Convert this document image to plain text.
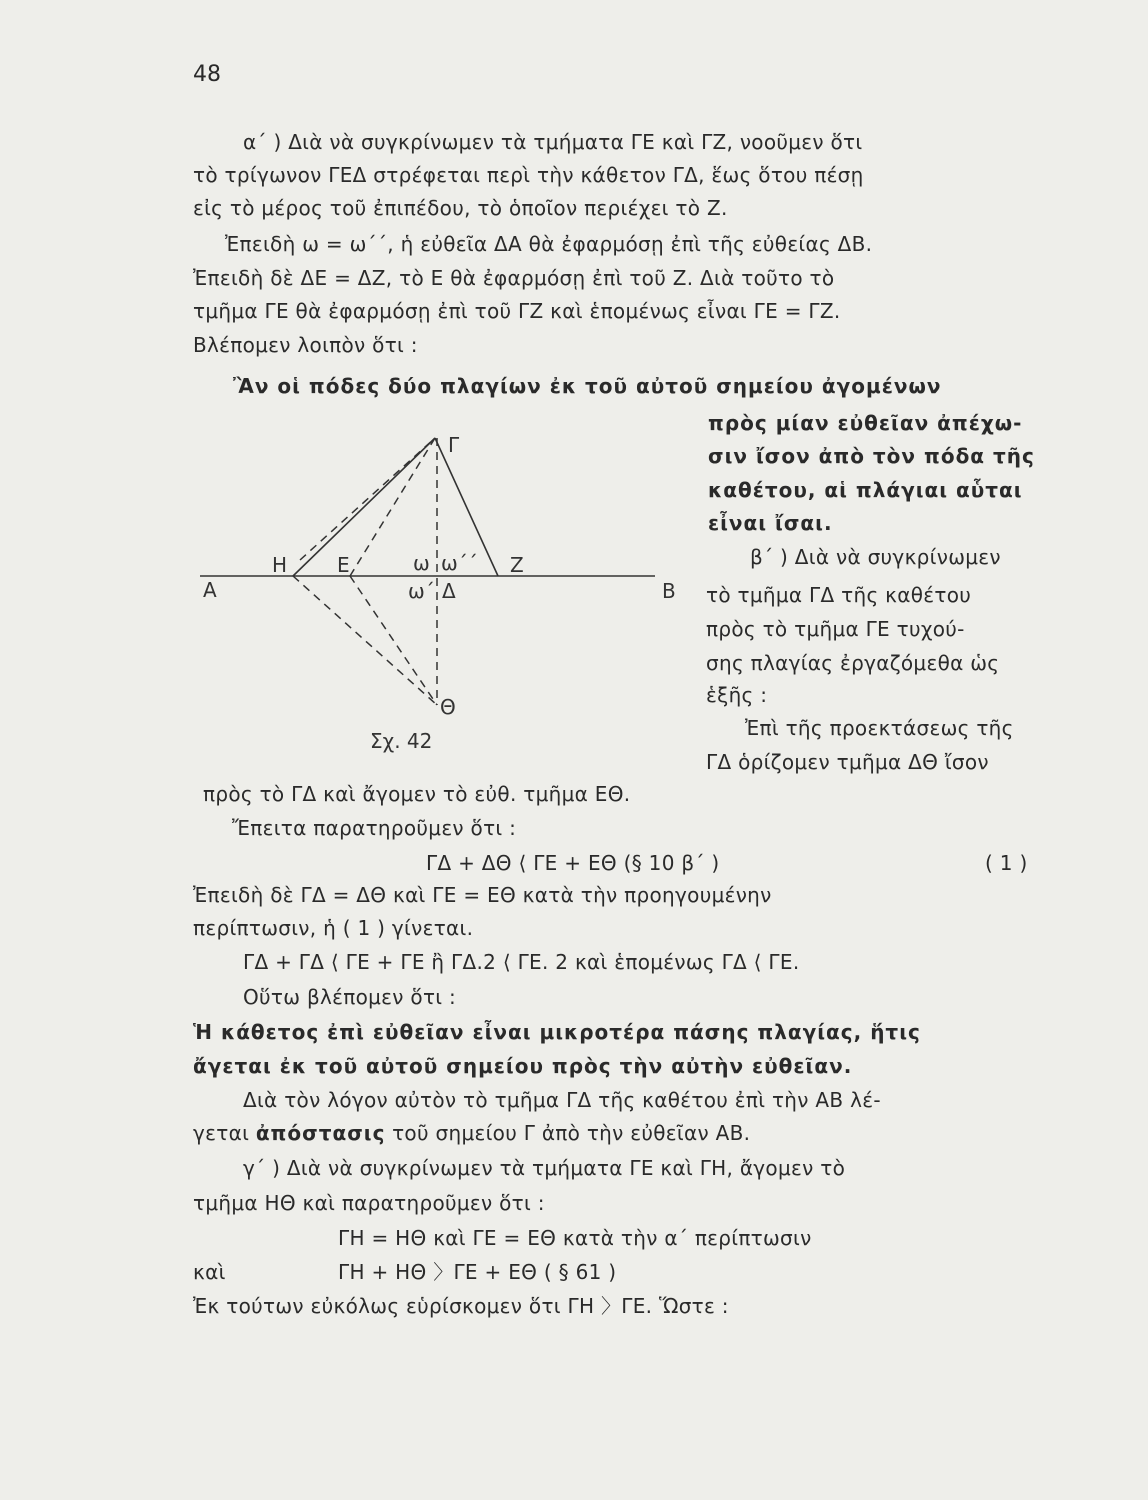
48
α΄ ) Διὰ νὰ συγκρίνωμεν τὰ τμήματα ΓΕ καὶ ΓΖ, νοοῦμεν ὅτι
τὸ τρίγωνον ΓΕΔ στρέφεται περὶ τὴν κάθετον ΓΔ, ἕως ὅτου πέσῃ
εἰς τὸ μέρος τοῦ ἐπιπέδου, τὸ ὁποῖον περιέχει τὸ Ζ.
Ἐπειδὴ ω = ω΄΄, ἡ εὐθεῖα ΔΑ θὰ ἐφαρμόσῃ ἐπὶ τῆς εὐθείας ΔΒ.
Ἐπειδὴ δὲ ΔΕ = ΔΖ, τὸ Ε θὰ ἐφαρμόσῃ ἐπὶ τοῦ Ζ. Διὰ τοῦτο τὸ
τμῆμα ΓΕ θὰ ἐφαρμόσῃ ἐπὶ τοῦ ΓΖ καὶ ἑπομένως εἶναι ΓΕ = ΓΖ.
Βλέπομεν λοιπὸν ὅτι :
Ἂν οἱ πόδες δύο πλαγίων ἐκ τοῦ αὐτοῦ σημείου ἀγομένων
πρὸς μίαν εὐθεῖαν ἀπέχω-
σιν ἴσον ἀπὸ τὸν πόδα τῆς
καθέτου, αἱ πλάγιαι αὗται
εἶναι ἴσαι.
β΄ ) Διὰ νὰ συγκρίνωμεν
τὸ τμῆμα ΓΔ τῆς καθέτου
πρὸς τὸ τμῆμα ΓΕ τυχού-
σης πλαγίας ἐργαζόμεθα ὡς
ἑξῆς :
Ἐπὶ τῆς προεκτάσεως τῆς
ΓΔ ὁρίζομεν τμῆμα ΔΘ ἴσον
πρὸς τὸ ΓΔ καὶ ἄγομεν τὸ εὐθ. τμῆμα ΕΘ.
Ἔπειτα παρατηροῦμεν ὅτι :
ΓΔ + ΔΘ ⟨ ΓΕ + ΕΘ (§ 10 β΄ )	( 1 )
Ἐπειδὴ δὲ ΓΔ = ΔΘ καὶ ΓΕ = ΕΘ κατὰ τὴν προηγουμένην
περίπτωσιν, ἡ ( 1 ) γίνεται.
ΓΔ + ΓΔ ⟨ ΓΕ + ΓΕ ἢ ΓΔ.2 ⟨ ΓΕ. 2 καὶ ἑπομένως ΓΔ ⟨ ΓΕ.
Οὕτω βλέπομεν ὅτι :
Ἡ κάθετος ἐπὶ εὐθεῖαν εἶναι μικροτέρα πάσης πλαγίας, ἥτις
ἄγεται ἐκ τοῦ αὐτοῦ σημείου πρὸς τὴν αὐτὴν εὐθεῖαν.
Διὰ τὸν λόγον αὐτὸν τὸ τμῆμα ΓΔ τῆς καθέτου ἐπὶ τὴν ΑΒ λέ-
γεται ἀπόστασις τοῦ σημείου Γ ἀπὸ τὴν εὐθεῖαν ΑΒ.
γ΄ ) Διὰ νὰ συγκρίνωμεν τὰ τμήματα ΓΕ καὶ ΓΗ, ἄγομεν τὸ
τμῆμα ΗΘ καὶ παρατηροῦμεν ὅτι :
ΓΗ = ΗΘ καὶ ΓΕ = ΕΘ κατὰ τὴν α΄ περίπτωσιν
καὶ	ΓΗ + ΗΘ 〉ΓΕ + ΕΘ ( § 61 )
Ἐκ τούτων εὐκόλως εὑρίσκομεν ὅτι ΓΗ 〉ΓΕ. Ὥστε :
Γ
Η Ε	ω ω΄΄ Ζ
Α	ω΄ Δ	Β
Θ
Σχ. 42
